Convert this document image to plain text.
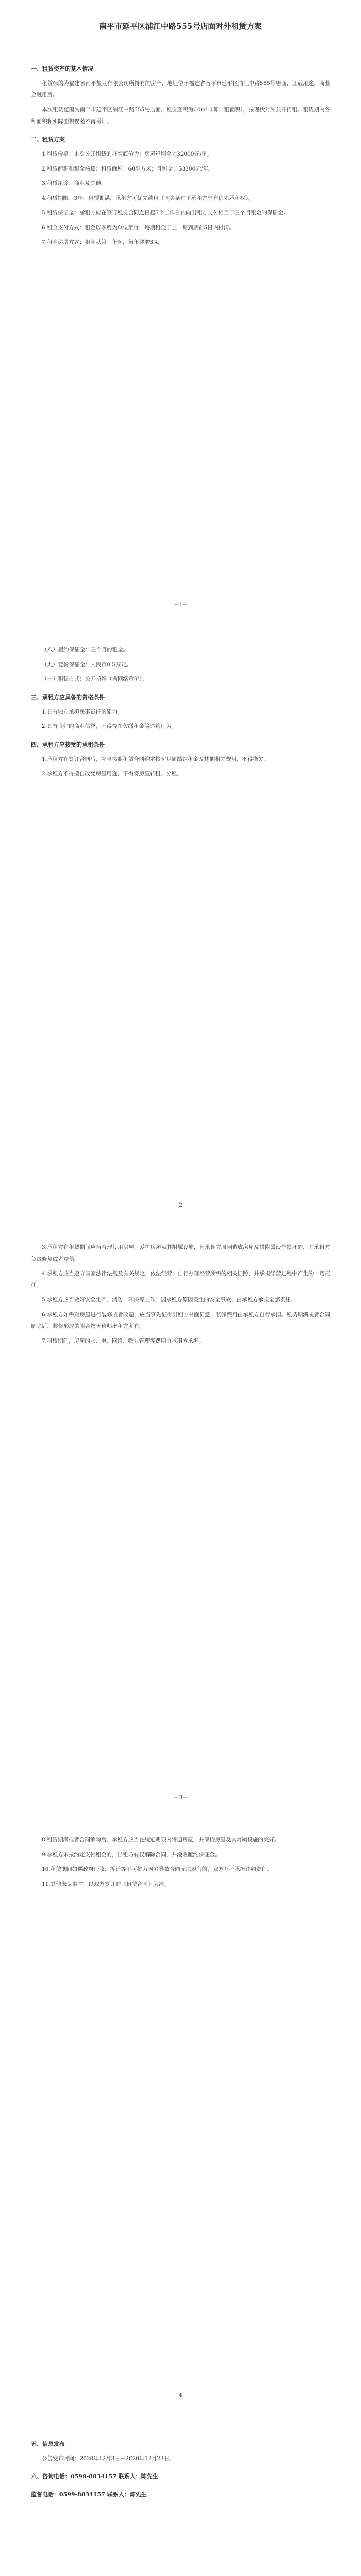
南平市延平区浦江中路555号店面对外租赁方案
一、租赁资产的基本情况
租赁标的为福建省南平盐业有限公司所持有的房产，地址位于福建省南平市延平区浦江中路555号店面，证载用途，商业金融用房。
本次租赁范围为南平市延平区浦江中路555号店面，租赁面积为60m²（即计租面积），按现状对外公开招租。租赁期内各种面积和实际面积误差不再另计。
二、租赁方案
1.租赁价格：本次公开租赁的挂牌底价为：房屋年租金为32000元/年。
2.租赁面积和租金核算：租赁面积：60平方米；月租金：53300元/年。
3.租赁用途：商业及其他。
4.租赁期限：3年，租赁期满，承租方可优先续租（同等条件下承租方享有优先承租权）。
5.租赁保证金：承租方应在签订租赁合同之日起5个工作日内向出租方支付相当于三个月租金的保证金。
6.租金支付方式：租金以季度为单位预付，每期租金于上一期到期前5日内付清。
7.租金递增方式：租金从第三年起，每年递增3%。
－1－
（八）履约保证金：三个月的租金。
（九）竞价保证金：人民币0.5万元。
（十）租赁方式：公开招租（含网络竞价）。
三、承租方应具备的资格条件
1.具有独立承担民事责任的能力。
2.具有良好的商业信誉，不得存在欠缴租金等违约行为。
四、承租方应接受的承租条件
1.承租方在签订合同后，应当按照租赁合同约定按时足额缴纳租金及其他相关费用，不得拖欠。
2.承租方不得擅自改变房屋用途，不得将房屋转租、分租。
－2－
3.承租方在租赁期间应当合理使用房屋，爱护房屋及其附属设施，因承租方原因造成房屋及其附属设施损坏的，由承租方负责修复或者赔偿。
4.承租方应当遵守国家法律法规及有关规定，依法经营，自行办理经营所需的相关证照，并承担经营过程中产生的一切责任。
5.承租方应当做好安全生产、消防、环保等工作，因承租方原因发生的安全事故，由承租方承担全部责任。
6.承租方如需对房屋进行装修或者改造，应当事先征得出租方书面同意，装修费用由承租方自行承担。租赁期满或者合同解除后，装修形成的附合物无偿归出租方所有。
7.租赁期间，房屋的水、电、网络、物业管理等费用由承租方承担。
－3－
8.租赁期满或者合同解除后，承租方应当在规定期限内腾退房屋，并保持房屋及其附属设施的完好。
9.承租方未按约定支付租金的，出租方有权解除合同，并没收履约保证金。
10.租赁期间如遇政府征收、拆迁等不可抗力因素导致合同无法履行的，双方互不承担违约责任。
11.其他未尽事宜，以双方签订的《租赁合同》为准。
－4－
五、信息发布
公告发布时间：2020年12月3日－2020年12月23日。
六、咨询电话：0599-8834157 联系人：陈先生
监督电话：0599-8834157 联系人：陈先生
